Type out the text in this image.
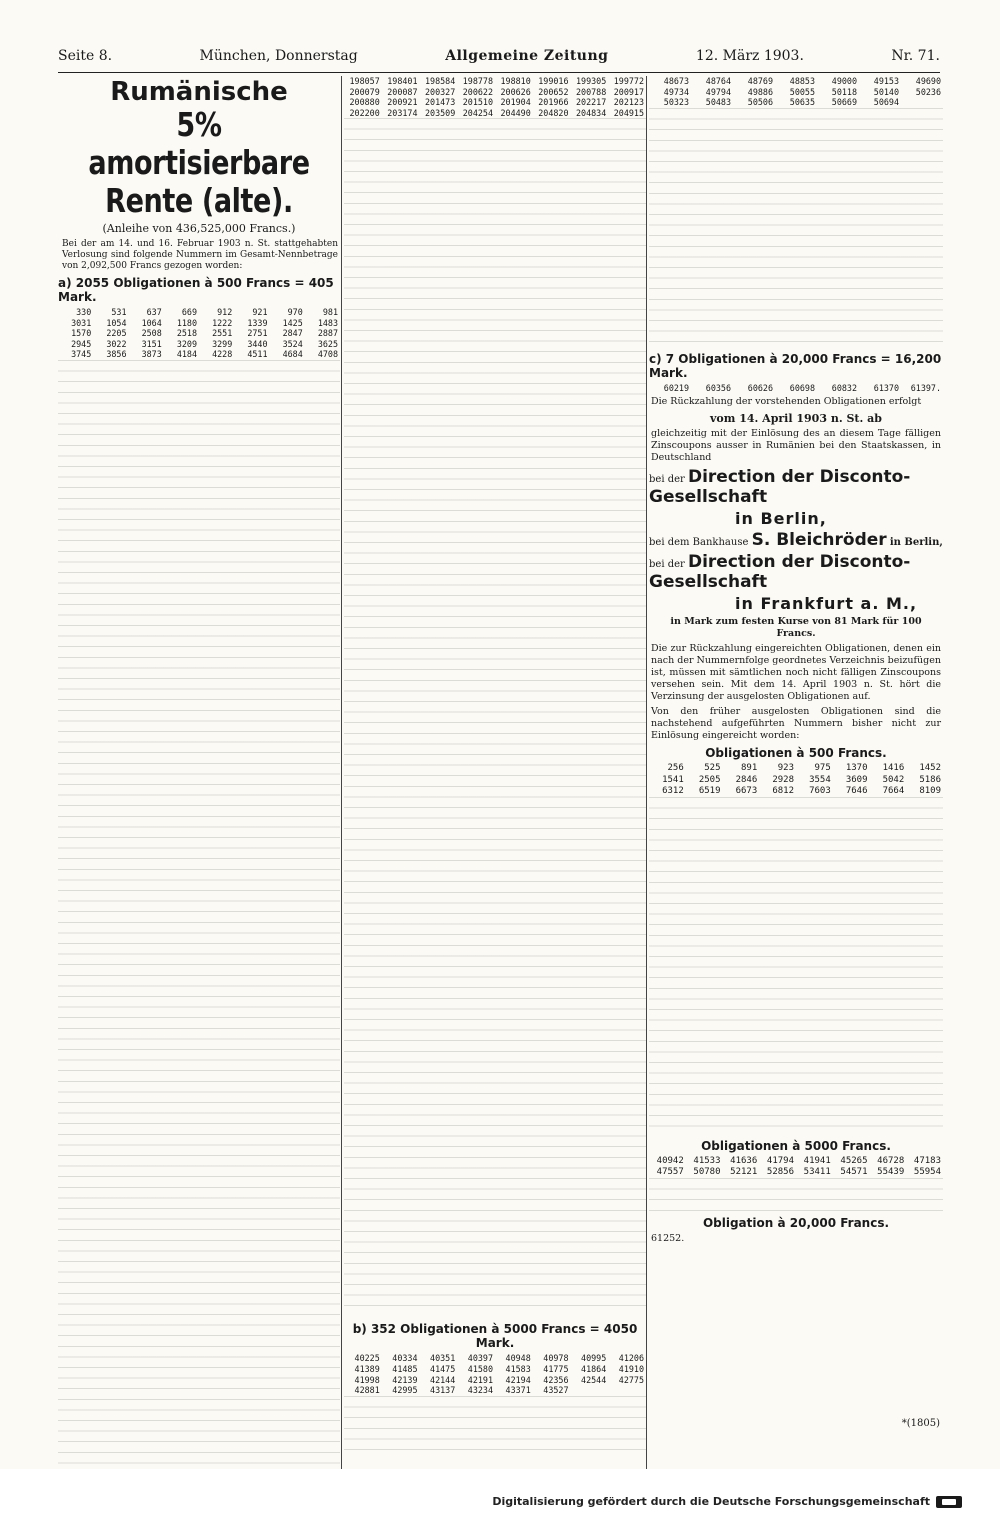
Seite 8.	München, Donnerstag	Allgemeine Zeitung	12. März 1903.	Nr. 71.
Rumänische
5% amortisierbare Rente (alte).
(Anleihe von 436,525,000 Francs.)
Bei der am 14. und 16. Februar 1903 n. St. stattgehabten Verlosung sind folgende Nummern im Gesamt-Nennbetrage von 2,092,500 Francs gezogen worden:
a) 2055 Obligationen à 500 Francs = 405 Mark.
330	531	637	669	912	921	970	981
3031	1054	1064	1180	1222	1339	1425	1483
1570	2205	2508	2518	2551	2751	2847	2887
2945	3022	3151	3209	3299	3440	3524	3625
3745	3856	3873	4184	4228	4511	4684	4708
198057 198401 198584 198778 198810 199016 199305 199772
200079 200087 200327 200622 200626 200652 200788 200917
200880 200921 201473 201510 201904 201966 202217 202123
202200 203174 203509 204254 204490 204820 204834 204915
b) 352 Obligationen à 5000 Francs = 4050 Mark.
40225	40334	40351	40397	40948	40978	40995	41206
41389	41485	41475	41580	41583	41775	41864	41910
41998	42139	42144	42191	42194	42356	42544	42775
42881	42995	43137	43234	43371	43527
48673	48764	48769	48853	49000	49153	49690
49734	49794	49886	50055	50118	50140	50236
50323	50483	50506	50635	50669	50694
c) 7 Obligationen à 20,000 Francs = 16,200 Mark.
60219	60356	60626	60698	60832	61370	61397.
Die Rückzahlung der vorstehenden Obligationen erfolgt
vom 14. April 1903 n. St. ab
gleichzeitig mit der Einlösung des an diesem Tage fälligen Zinscoupons ausser in Rumänien bei den Staatskassen, in Deutschland
bei der Direction der Disconto-Gesellschaft
in Berlin,
bei dem Bankhause S. Bleichröder in Berlin,
bei der Direction der Disconto-Gesellschaft
in Frankfurt a. M.,
in Mark zum festen Kurse von 81 Mark für 100 Francs.
Die zur Rückzahlung eingereichten Obligationen, denen ein nach der Nummernfolge geordnetes Verzeichnis beizufügen ist, müssen mit sämtlichen noch nicht fälligen Zinscoupons versehen sein. Mit dem 14. April 1903 n. St. hört die Verzinsung der ausgelosten Obligationen auf.
Von den früher ausgelosten Obligationen sind die nachstehend aufgeführten Nummern bisher nicht zur Einlösung eingereicht worden:
Obligationen à 500 Francs.
256	525	891	923	975	1370	1416	1452
1541	2505	2846	2928	3554	3609	5042	5186
6312	6519	6673	6812	7603	7646	7664	8109
Obligationen à 5000 Francs.
40942	41533	41636	41794	41941	45265	46728	47183
47557	50780	52121	52856	53411	54571	55439	55954
Obligation à 20,000 Francs.
61252.
*(1805)
Digitalisierung gefördert durch die Deutsche Forschungsgemeinschaft
